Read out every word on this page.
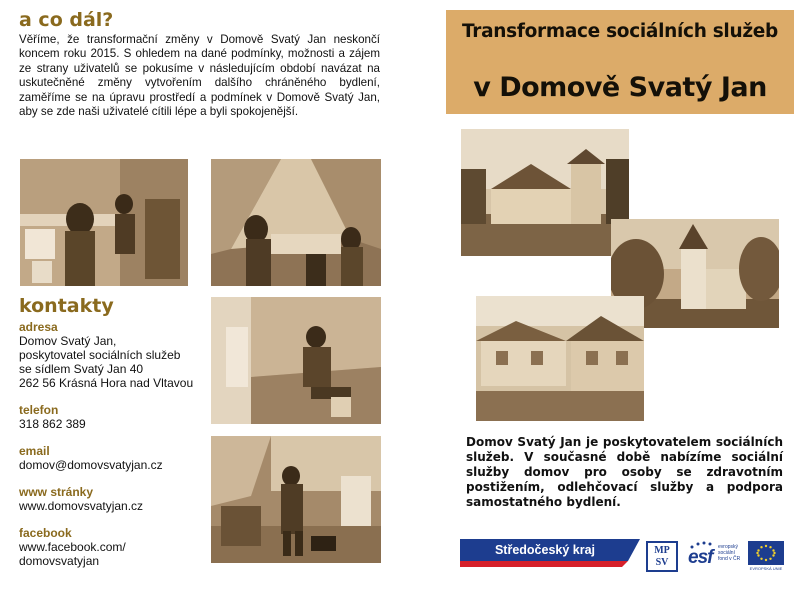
a co dál?
Věříme, že transformační změny v Domově Svatý Jan neskončí koncem roku 2015. S ohledem na dané podmínky, možnosti a zájem ze strany uživatelů se pokusíme v následujícím období navázat na uskutečněné změny vytvořením dalšího chráněného bydlení, zaměříme se na úpravu prostředí a podmínek v Domově Svatý Jan, aby se zde naši uživatelé cítili lépe a byli spokojenější.
kontakty
adresa
Domov Svatý Jan,
poskytovatel sociálních služeb
se sídlem Svatý Jan 40
262 56 Krásná Hora nad Vltavou
telefon
318 862 389
email
domov@domovsvatyjan.cz
www stránky
www.domovsvatyjan.cz
facebook
www.facebook.com/
domovsvatyjan
Transformace sociálních služeb
v Domově Svatý Jan
Domov Svatý Jan je poskytovatelem sociálních služeb. V současné době nabízíme sociální služby domov pro osoby se zdravotním postižením, odlehčovací služby a podpora samostatného bydlení.
Středočeský kraj	MP
SV	esf evropský
sociální
fond v ČR
EVROPSKÁ UNIE
